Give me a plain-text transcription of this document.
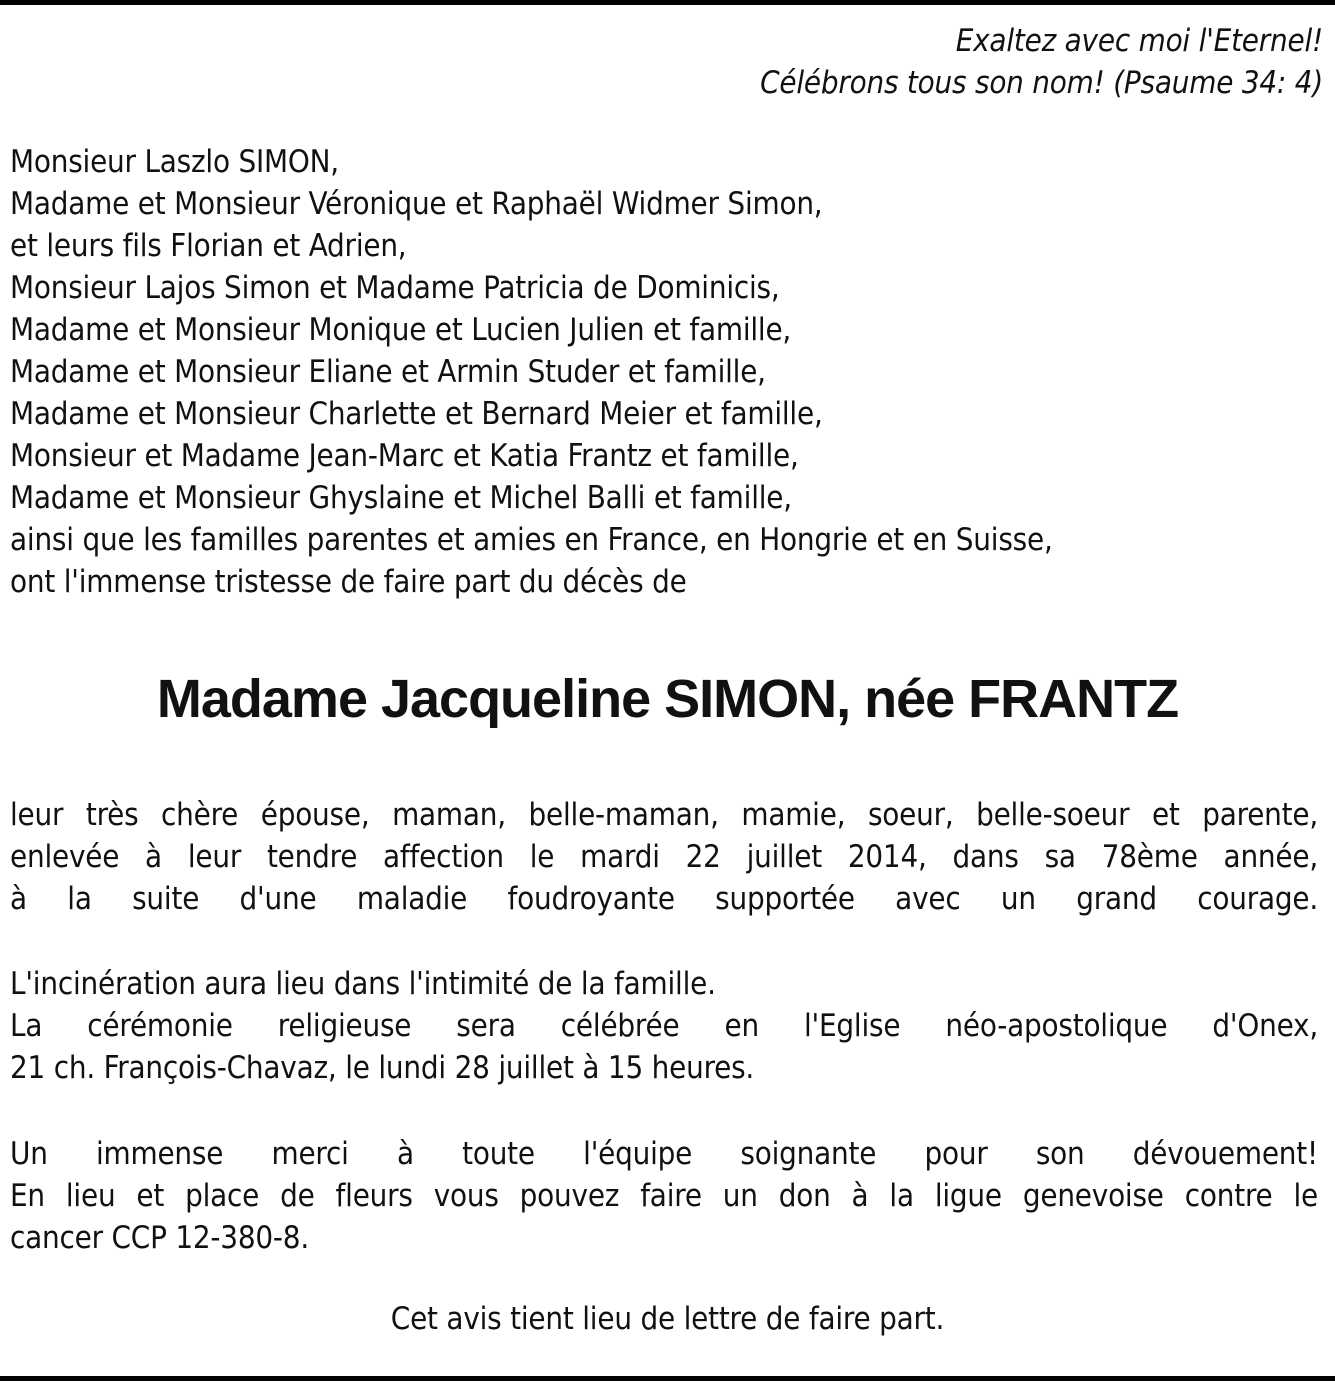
Exaltez avec moi l'Eternel!
Célébrons tous son nom! (Psaume 34: 4)
Monsieur Laszlo SIMON,
Madame et Monsieur Véronique et Raphaël Widmer Simon,
et leurs fils Florian et Adrien,
Monsieur Lajos Simon et Madame Patricia de Dominicis,
Madame et Monsieur Monique et Lucien Julien et famille,
Madame et Monsieur Eliane et Armin Studer et famille,
Madame et Monsieur Charlette et Bernard Meier et famille,
Monsieur et Madame Jean-Marc et Katia Frantz et famille,
Madame et Monsieur Ghyslaine et Michel Balli et famille,
ainsi que les familles parentes et amies en France, en Hongrie et en Suisse,
ont l'immense tristesse de faire part du décès de
Madame Jacqueline SIMON, née FRANTZ
leur très chère épouse, maman, belle-maman, mamie, soeur, belle-soeur et parente,
enlevée à leur tendre affection le mardi 22 juillet 2014, dans sa 78ème année,
à la suite d'une maladie foudroyante supportée avec un grand courage.
L'incinération aura lieu dans l'intimité de la famille.
La cérémonie religieuse sera célébrée en l'Eglise néo-apostolique d'Onex,
21 ch. François-Chavaz, le lundi 28 juillet à 15 heures.
Un immense merci à toute l'équipe soignante pour son dévouement!
En lieu et place de fleurs vous pouvez faire un don à la ligue genevoise contre le
cancer CCP 12-380-8.
Cet avis tient lieu de lettre de faire part.
